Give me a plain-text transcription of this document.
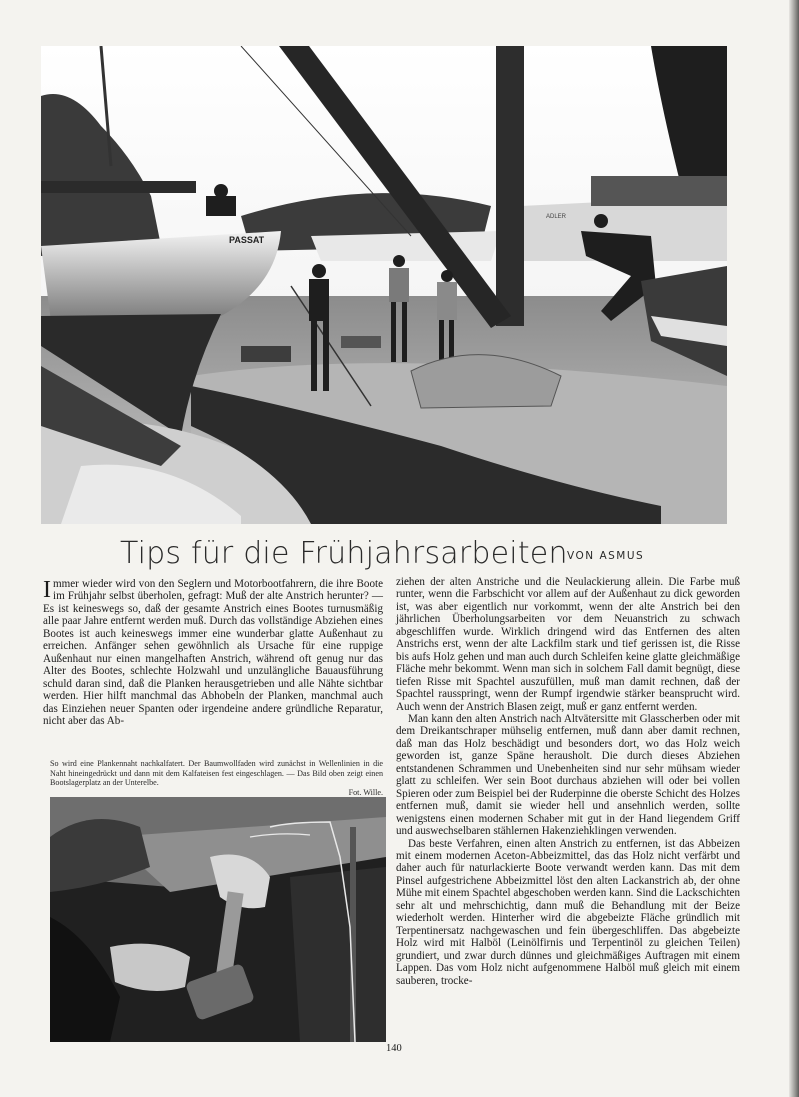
ADLER
PASSAT
Tips für die Frühjahrsarbeiten VON ASMUS

Immer wieder wird von den Seglern und Motorbootfahrern, die ihre Boote im Frühjahr selbst überholen, gefragt: Muß der alte Anstrich herunter? — Es ist keineswegs so, daß der gesamte Anstrich eines Bootes turnusmäßig alle paar Jahre entfernt werden muß. Durch das vollständige Abziehen eines Bootes ist auch keineswegs immer eine wunderbar glatte Außenhaut zu erreichen. Anfänger sehen gewöhnlich als Ursache für eine ruppige Außenhaut nur einen mangelhaften Anstrich, während oft genug nur das Alter des Bootes, schlechte Holzwahl und unzulängliche Bauausführung schuld daran sind, daß die Planken herausgetrieben und alle Nähte sichtbar werden. Hier hilft manchmal das Abhobeln der Planken, manchmal auch das Einziehen neuer Spanten oder irgendeine andere gründliche Reparatur, nicht aber das Ab-

So wird eine Plankennaht nachkalfatert. Der Baumwollfaden wird zunächst in Wellenlinien in die Naht hineingedrückt und dann mit dem Kalfateisen fest eingeschlagen. — Das Bild oben zeigt einen Bootslagerplatz an der Unterelbe.
Fot. Wille.

ziehen der alten Anstriche und die Neulackierung allein. Die Farbe muß runter, wenn die Farbschicht vor allem auf der Außenhaut zu dick geworden ist, was aber eigentlich nur vorkommt, wenn der alte Anstrich bei den jährlichen Überholungsarbeiten vor dem Neuanstrich zu schwach abgeschliffen wurde. Wirklich dringend wird das Entfernen des alten Anstrichs erst, wenn der alte Lackfilm stark und tief gerissen ist, die Risse bis aufs Holz gehen und man auch durch Schleifen keine glatte gleichmäßige Fläche mehr bekommt. Wenn man sich in solchem Fall damit begnügt, diese tiefen Risse mit Spachtel auszufüllen, muß man damit rechnen, daß der Spachtel rausspringt, wenn der Rumpf irgendwie stärker beansprucht wird. Auch wenn der Anstrich Blasen zeigt, muß er ganz entfernt werden.

Man kann den alten Anstrich nach Altvätersitte mit Glasscherben oder mit dem Dreikantschraper mühselig entfernen, muß dann aber damit rechnen, daß man das Holz beschädigt und besonders dort, wo das Holz weich geworden ist, ganze Späne herausholt. Die durch dieses Abziehen entstandenen Schrammen und Unebenheiten sind nur sehr mühsam wieder glatt zu schleifen. Wer sein Boot durchaus abziehen will oder bei vollen Spieren oder zum Beispiel bei der Ruderpinne die oberste Schicht des Holzes entfernen muß, damit sie wieder hell und ansehnlich werden, sollte wenigstens einen modernen Schaber mit gut in der Hand liegendem Griff und auswechselbaren stählernen Hakenziehklingen verwenden.

Das beste Verfahren, einen alten Anstrich zu entfernen, ist das Abbeizen mit einem modernen Aceton-Abbeizmittel, das das Holz nicht verfärbt und daher auch für naturlackierte Boote verwandt werden kann. Das mit dem Pinsel aufgestrichene Abbeizmittel löst den alten Lackanstrich ab, der ohne Mühe mit einem Spachtel abgeschoben werden kann. Sind die Lackschichten sehr alt und mehrschichtig, dann muß die Behandlung mit der Beize wiederholt werden. Hinterher wird die abgebeizte Fläche gründlich mit Terpentinersatz nachgewaschen und fein übergeschliffen. Das abgebeizte Holz wird mit Halböl (Leinölfirnis und Terpentinöl zu gleichen Teilen) grundiert, und zwar durch dünnes und gleichmäßiges Auftragen mit einem Lappen. Das vom Holz nicht aufgenommene Halböl muß gleich mit einem sauberen, trocke-

140
